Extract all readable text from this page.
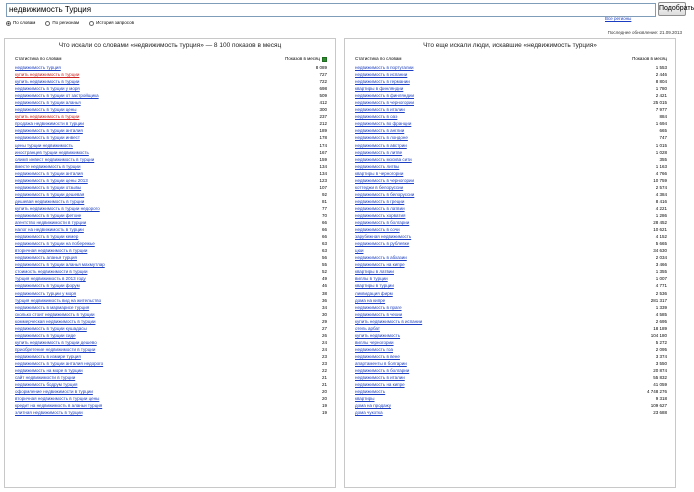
недвижимость Турция	Подобрать
По словам	По регионам	История запросов
Все регионы
Последнее обновление: 21.09.2013
Что искали со словами «недвижимость турция» — 8 100 показов в месяц
Статистика по словам	Показов в месяц
недвижимость турция	8 089
купить недвижимость в турции	727
купить недвижимость в турции	722
недвижимость в турции у моря	698
недвижимость в турции от застройщика	509
недвижимость в турции аланья	412
недвижимость в турции цены	300
купить недвижимость в турции	237
продажа недвижимости в турции	212
недвижимость в турции анталия	189
недвижимость в турции инвест	178
цены турции недвижимость	174
иностранцев турции недвижимость	167
олимп инвест недвижимость в турции	159
вместе недвижимость в турции	134
недвижимость в турции анталия	134
недвижимость в турции цены 2013	123
недвижимость в турции отзывы	107
недвижимость в турции дешевая	92
дешевая недвижимость в турции	81
купить недвижимость в турции недорого	77
недвижимость в турции фетхие	70
агентство недвижимости в турции	66
налог на недвижимость в турции	66
недвижимость в турции кемер	66
недвижимость в турции на побережье	63
вторичная недвижимость в турции	63
недвижимость аланья турция	56
недвижимость в турции аланья махмутлар	55
стоимость недвижимости в турции	52
турция недвижимость в 2013 году	49
недвижимость в турции форум	46
недвижимость турции у моря	38
турция недвижимость вид на жительство	36
недвижимость в мармарисе турция	34
сколько стоит недвижимость в турции	30
коммерческая недвижимость в турции	29
недвижимость в турции кушадасы	27
недвижимость в турции сиде	26
купить недвижимость в турции дешево	24
приобретение недвижимости в турции	24
недвижимость в измире турция	23
недвижимость в турции анталия недорого	23
недвижимость на море в турции	22
сайт недвижимости в турции	21
недвижимость бодрум турция	21
оформление недвижимости в турции	20
вторичная недвижимость в турции цены	20
кредит на недвижимость в аланьи турция	19
элитная недвижимость в турции	19
Что еще искали люди, искавшие «недвижимость турция»
Статистика по словам	Показов в месяц
недвижимость в португалии	1 553
недвижимость в испании	2 446
недвижимость в германии	8 804
квартиры в финляндии	1 780
недвижимость в финляндии	2 421
недвижимость в черногории	25 015
недвижимость в италии	7 977
недвижимость в оаэ	884
недвижимость во франции	1 694
недвижимость в англии	665
недвижимость в лондоне	747
недвижимость в австрии	1 015
недвижимость в литве	1 028
недвижимость москва сити	355
недвижимость литвы	1 163
квартиры в черногории	4 766
недвижимость в черногории	10 759
коттеджи в белоруссии	2 574
недвижимость в белоруссии	4 384
недвижимость в греции	8 416
недвижимость в латвии	4 221
недвижимость хорватия	1 286
недвижимость в болгарии	28 452
недвижимость в сочи	10 621
зарубежная недвижимость	4 152
недвижимость в рублевке	5 665
цюи	34 630
недвижимость в абхазии	2 034
недвижимость на кипре	3 466
квартиры в латвии	1 355
виллы в турции	1 007
квартиры в турции	4 771
ликвидация фирм	2 536
дома на кипре	281 317
недвижимость в праге	1 339
недвижимость в чехии	4 585
купить недвижимость в испании	2 695
отель арбат	18 189
купить недвижимость	104 180
виллы черногории	5 272
недвижимость гоа	2 095
недвижимость в вене	3 374
апартаменты в болгарии	3 550
недвижимость в болгарии	20 874
недвижимость в италии	55 832
недвижимость на кипре	41 059
недвижимость	4 748 276
квартиры	9 318
дома на продажу	109 627
дома чукотка	23 688
